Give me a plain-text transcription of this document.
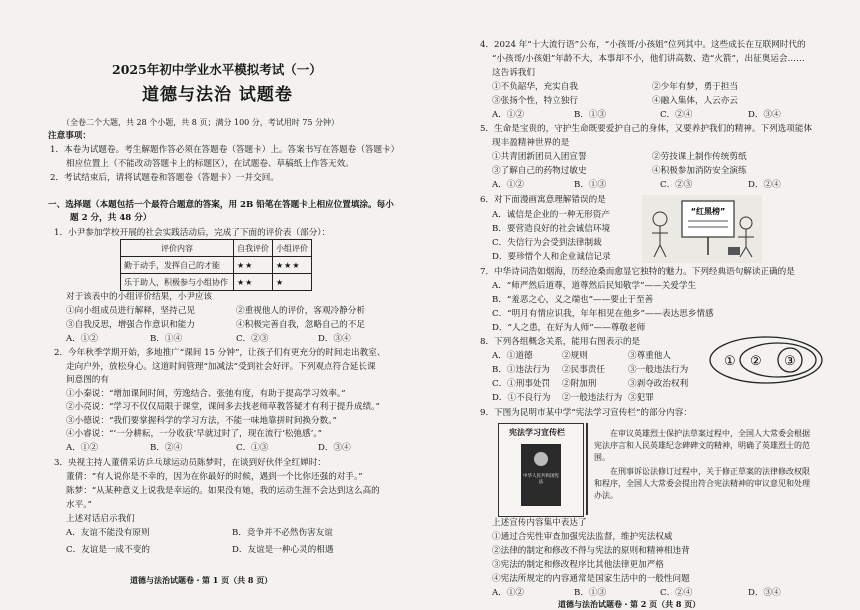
2025年初中学业水平模拟考试（一）
道德与法治 试题卷
（全卷二个大题，共 28 个小题，共 8 页；满分 100 分，考试用时 75 分钟）
注意事项：
1．本卷为试题卷。考生解题作答必须在答题卷（答题卡）上。答案书写在答题卷（答题卡）
相应位置上（不能改动答题卡上的标题区），在试题卷、草稿纸上作答无效。
2．考试结束后，请将试题卷和答题卷（答题卡）一并交回。
一、选择题（本题包括一个最符合题意的答案，用 2B 铅笔在答题卡上相应位置填涂。每小
题 2 分，共 48 分）
1．小尹参加学校开展的社会实践活动后，完成了下面的评价表（部分）：
评价内容	自我评价	小组评价
勤于动手，发挥自己的才能	★★	★★★
乐于助人，积极参与小组协作	★★	★
对于该表中的小组评价结果，小尹应该
①向小组成员进行解释，坚持己见	②重视他人的评价，客观冷静分析
③自我反思，增强合作意识和能力	④积极完善自我，忽略自己的不足
A．①②	B．①④	C．②③	D．③④
2．今年秋季学期开始，多地推广“课间 15 分钟”，让孩子们有更充分的时间走出教室、
走向户外，放松身心。这道时间管理“加减法”受到社会好评。下列观点符合延长课
间意图的有
①小秦说：“增加课间时间，劳逸结合、张弛有度，有助于提高学习效率。”
②小亮说：“学习不仅仅局限于课堂，课间多去找老师草教答疑才有利于提升成绩。”
③小德说：“我们要掌握科学的学习方法，不能一味地靠拼时间换分数。”
④小睿说：“‘一分耕耘，一分收获’早就过时了，现在流行‘松弛感’。”
A．①②	B．②④	C．①③	D．③④
3．央视主持人董倩采访乒乓球运动员陈梦时，在谈到好伙伴全红婵时：
董倩：“有人说你是不幸的，因为在你最好的时候，遇到一个比你还强的对手。”
陈梦：“从某种意义上说我是幸运的。如果没有她，我的运动生涯不会达到这么高的
水平。”
上述对话启示我们
A．友谊不能没有原则	B．竞争并不必然伤害友谊
C．友谊是一成不变的	D．友谊是一种心灵的相遇
道德与法治试题卷・第 1 页（共 8 页）
4．2024 年“十大流行语”公布，“小孩哥/小孩姐”位列其中。这些成长在互联网时代的
“小孩哥/小孩姐”年龄不大，本事却不小，他们讲高数、造“火箭”，出征奥运会……
这告诉我们
①不负韶华，充实自我	②少年有梦，勇于担当
③张扬个性，特立独行	④融入集体，人云亦云
A．①②	B．①③	C．②④	D．③④
5．生命是宝贵的，守护生命既要爱护自己的身体，又要养护我们的精神。下列选项能体
现丰盈精神世界的是
①共青团新团员入团宣誓	②劳技课上制作传统剪纸
③了解自己的药物过敏史	④积极参加消防安全演练
A．①②	B．①③	C．②③	D．②④
6．对下面漫画寓意理解错误的是
A．诚信是企业的一种无形资产
B．要营造良好的社会诚信环境
C．失信行为会受到法律制裁
D．要珍惜个人和企业诚信记录
“红黑榜”
7．中华诗词浩如烟海，历经沧桑而愈显它独特的魅力。下列经典语句解读正确的是
A．“师严然后道尊，道尊然后民知敬学”——关爱学生
B．“羞恶之心，义之端也”——要止于至善
C．“明月有情应识我，年年相见在他乡”——表达思乡情感
D．“人之患，在好为人师”——尊敬老师
8．下列各组概念关系，能用右图表示的是
A．①道德	②规则	③尊重他人
B．①违法行为 ②民事责任	③一般违法行为
C．①刑事处罚 ②附加刑	③剥夺政治权利
D．①不良行为 ②一般违法行为 ③犯罪
① ② ③
9．下图为昆明市某中学“宪法学习宣传栏”的部分内容：
宪法学习宣传栏
中华人民共和国宪法
在审议英雄烈士保护法草案过程中，全国人大常委会根据宪法序言和人民英雄纪念碑碑文的精神，明确了英雄烈士的范围。
在刑事诉讼法修订过程中，关于修正草案的法律修改权限和程序，全国人大常委会提出符合宪法精神的审议意见和处理办法。
上述宣传内容集中表达了
①通过合宪性审查加强宪法监督，维护宪法权威
②法律的制定和修改不得与宪法的原则和精神相违背
③宪法的制定和修改程序比其他法律更加严格
④宪法所规定的内容通常是国家生活中的一般性问题
A．①②	B．①③	C．②④	D．③④
道德与法治试题卷・第 2 页（共 8 页）
